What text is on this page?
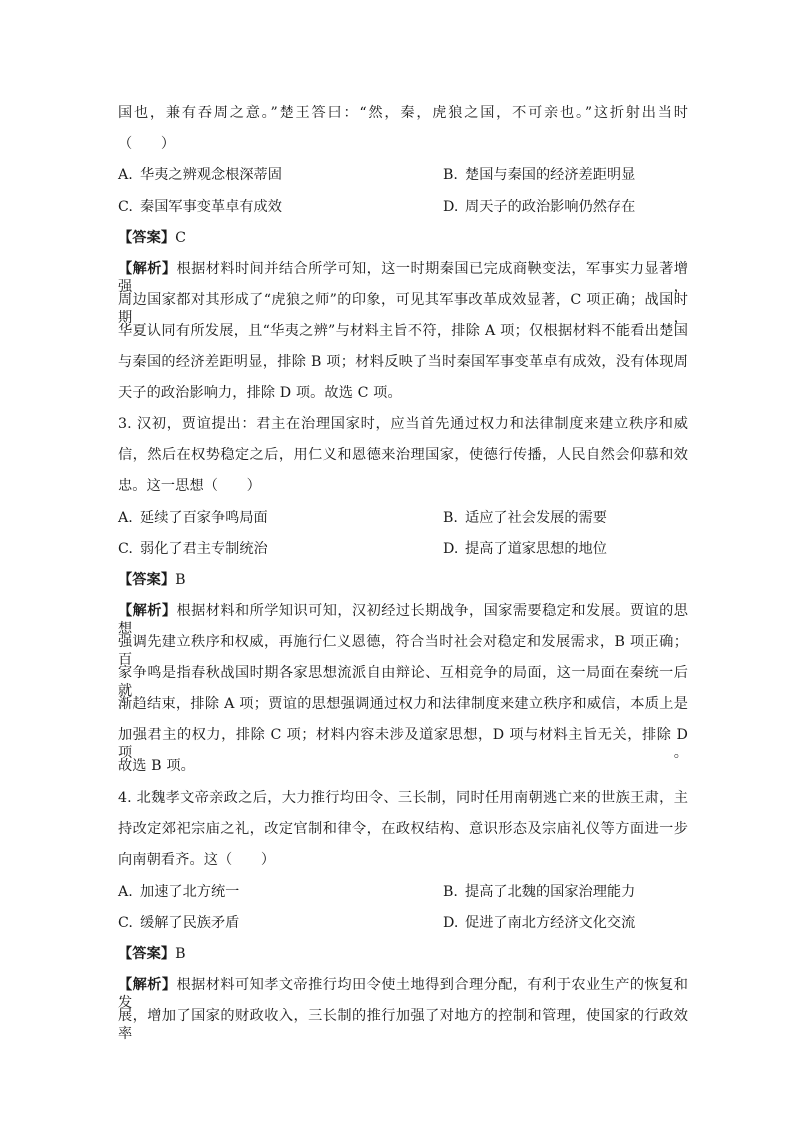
国也，兼有吞周之意。”楚王答曰：“然，秦，虎狼之国，不可亲也。”这折射出当时
（　　）
A. 华夷之辨观念根深蒂固	B. 楚国与秦国的经济差距明显
C. 秦国军事变革卓有成效	D. 周天子的政治影响仍然存在
【答案】C
【解析】根据材料时间并结合所学可知，这一时期秦国已完成商鞅变法，军事实力显著增强，
周边国家都对其形成了“虎狼之师”的印象，可见其军事改革成效显著，C 项正确；战国时期，
华夏认同有所发展，且“华夷之辨”与材料主旨不符，排除 A 项；仅根据材料不能看出楚国
与秦国的经济差距明显，排除 B 项；材料反映了当时秦国军事变革卓有成效，没有体现周
天子的政治影响力，排除 D 项。故选 C 项。
3. 汉初，贾谊提出：君主在治理国家时，应当首先通过权力和法律制度来建立秩序和威
信，然后在权势稳定之后，用仁义和恩德来治理国家，使德行传播，人民自然会仰慕和效
忠。这一思想（　　）
A. 延续了百家争鸣局面	B. 适应了社会发展的需要
C. 弱化了君主专制统治	D. 提高了道家思想的地位
【答案】B
【解析】根据材料和所学知识可知，汉初经过长期战争，国家需要稳定和发展。贾谊的思想
强调先建立秩序和权威，再施行仁义恩德，符合当时社会对稳定和发展需求，B 项正确；百
家争鸣是指春秋战国时期各家思想流派自由辩论、互相竞争的局面，这一局面在秦统一后就
渐趋结束，排除 A 项；贾谊的思想强调通过权力和法律制度来建立秩序和威信，本质上是
加强君主的权力，排除 C 项；材料内容未涉及道家思想，D 项与材料主旨无关，排除 D 项。
故选 B 项。
4. 北魏孝文帝亲政之后，大力推行均田令、三长制，同时任用南朝逃亡来的世族王肃，主
持改定郊祀宗庙之礼，改定官制和律令，在政权结构、意识形态及宗庙礼仪等方面进一步
向南朝看齐。这（　　）
A. 加速了北方统一	B. 提高了北魏的国家治理能力
C. 缓解了民族矛盾	D. 促进了南北方经济文化交流
【答案】B
【解析】根据材料可知孝文帝推行均田令使土地得到合理分配，有利于农业生产的恢复和发
展，增加了国家的财政收入，三长制的推行加强了对地方的控制和管理，使国家的行政效率
